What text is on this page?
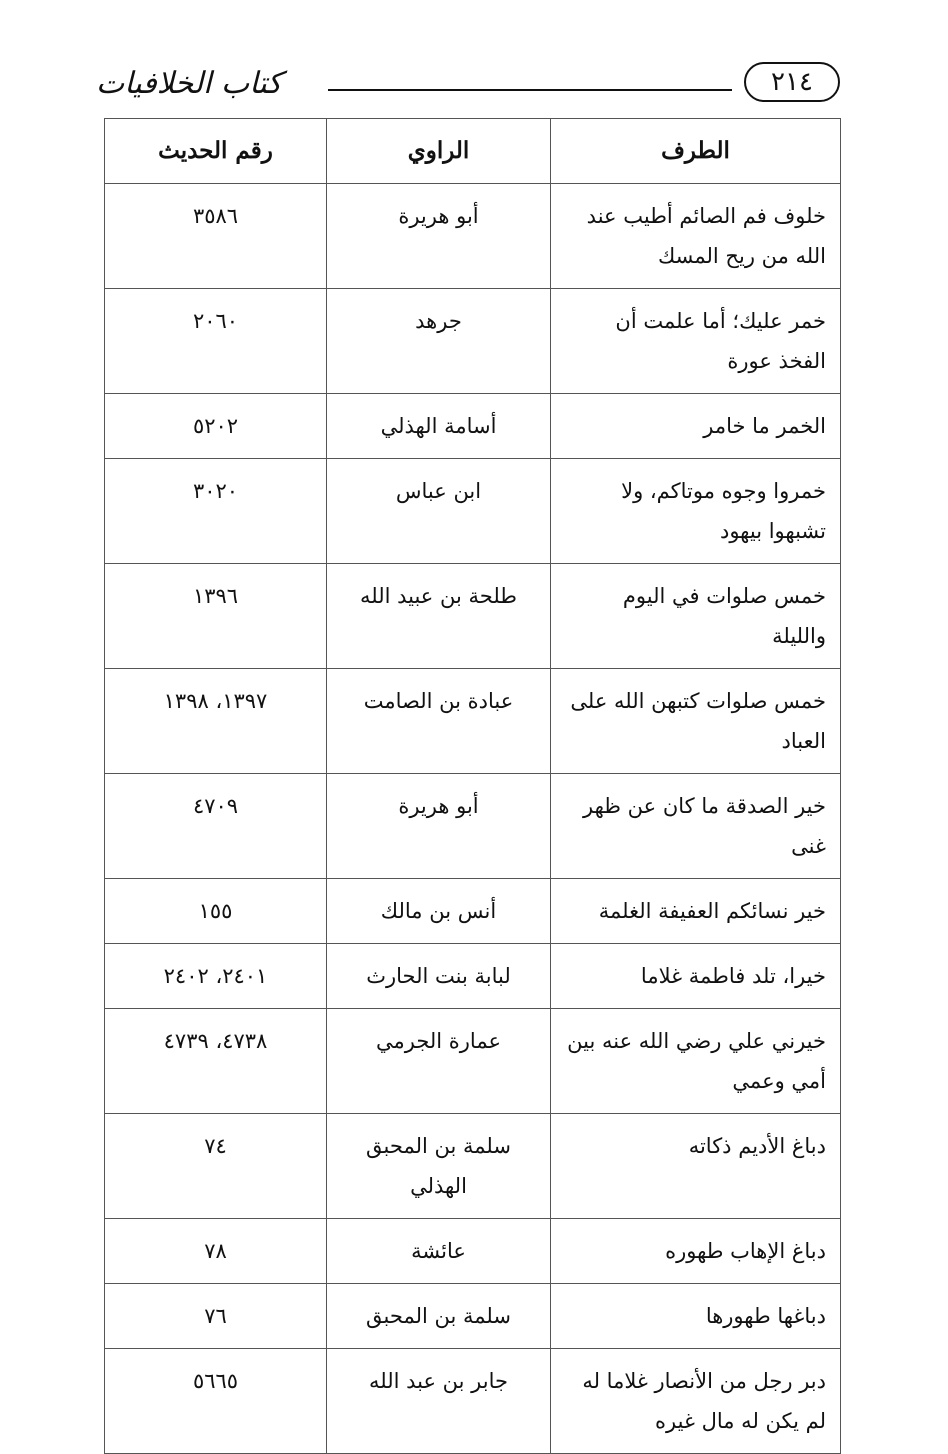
كتاب الخلافيات	٢١٤
الطرف	الراوي	رقم الحديث
خلوف فم الصائم أطيب عند الله من ريح المسك	أبو هريرة	٣٥٨٦
خمر عليك؛ أما علمت أن الفخذ عورة	جرهد	٢٠٦٠
الخمر ما خامر	أسامة الهذلي	٥٢٠٢
خمروا وجوه موتاكم، ولا تشبهوا بيهود	ابن عباس	٣٠٢٠
خمس صلوات في اليوم والليلة	طلحة بن عبيد الله	١٣٩٦
خمس صلوات كتبهن الله على العباد	عبادة بن الصامت	١٣٩٧، ١٣٩٨
خير الصدقة ما كان عن ظهر غنى	أبو هريرة	٤٧٠٩
خير نسائكم العفيفة الغلمة	أنس بن مالك	١٥٥
خيرا، تلد فاطمة غلاما	لبابة بنت الحارث	٢٤٠١، ٢٤٠٢
خيرني علي رضي الله عنه بين أمي وعمي	عمارة الجرمي	٤٧٣٨، ٤٧٣٩
دباغ الأديم ذكاته	سلمة بن المحبق الهذلي	٧٤
دباغ الإهاب طهوره	عائشة	٧٨
دباغها طهورها	سلمة بن المحبق	٧٦
دبر رجل من الأنصار غلاما له لم يكن له مال غيره	جابر بن عبد الله	٥٦٦٥
